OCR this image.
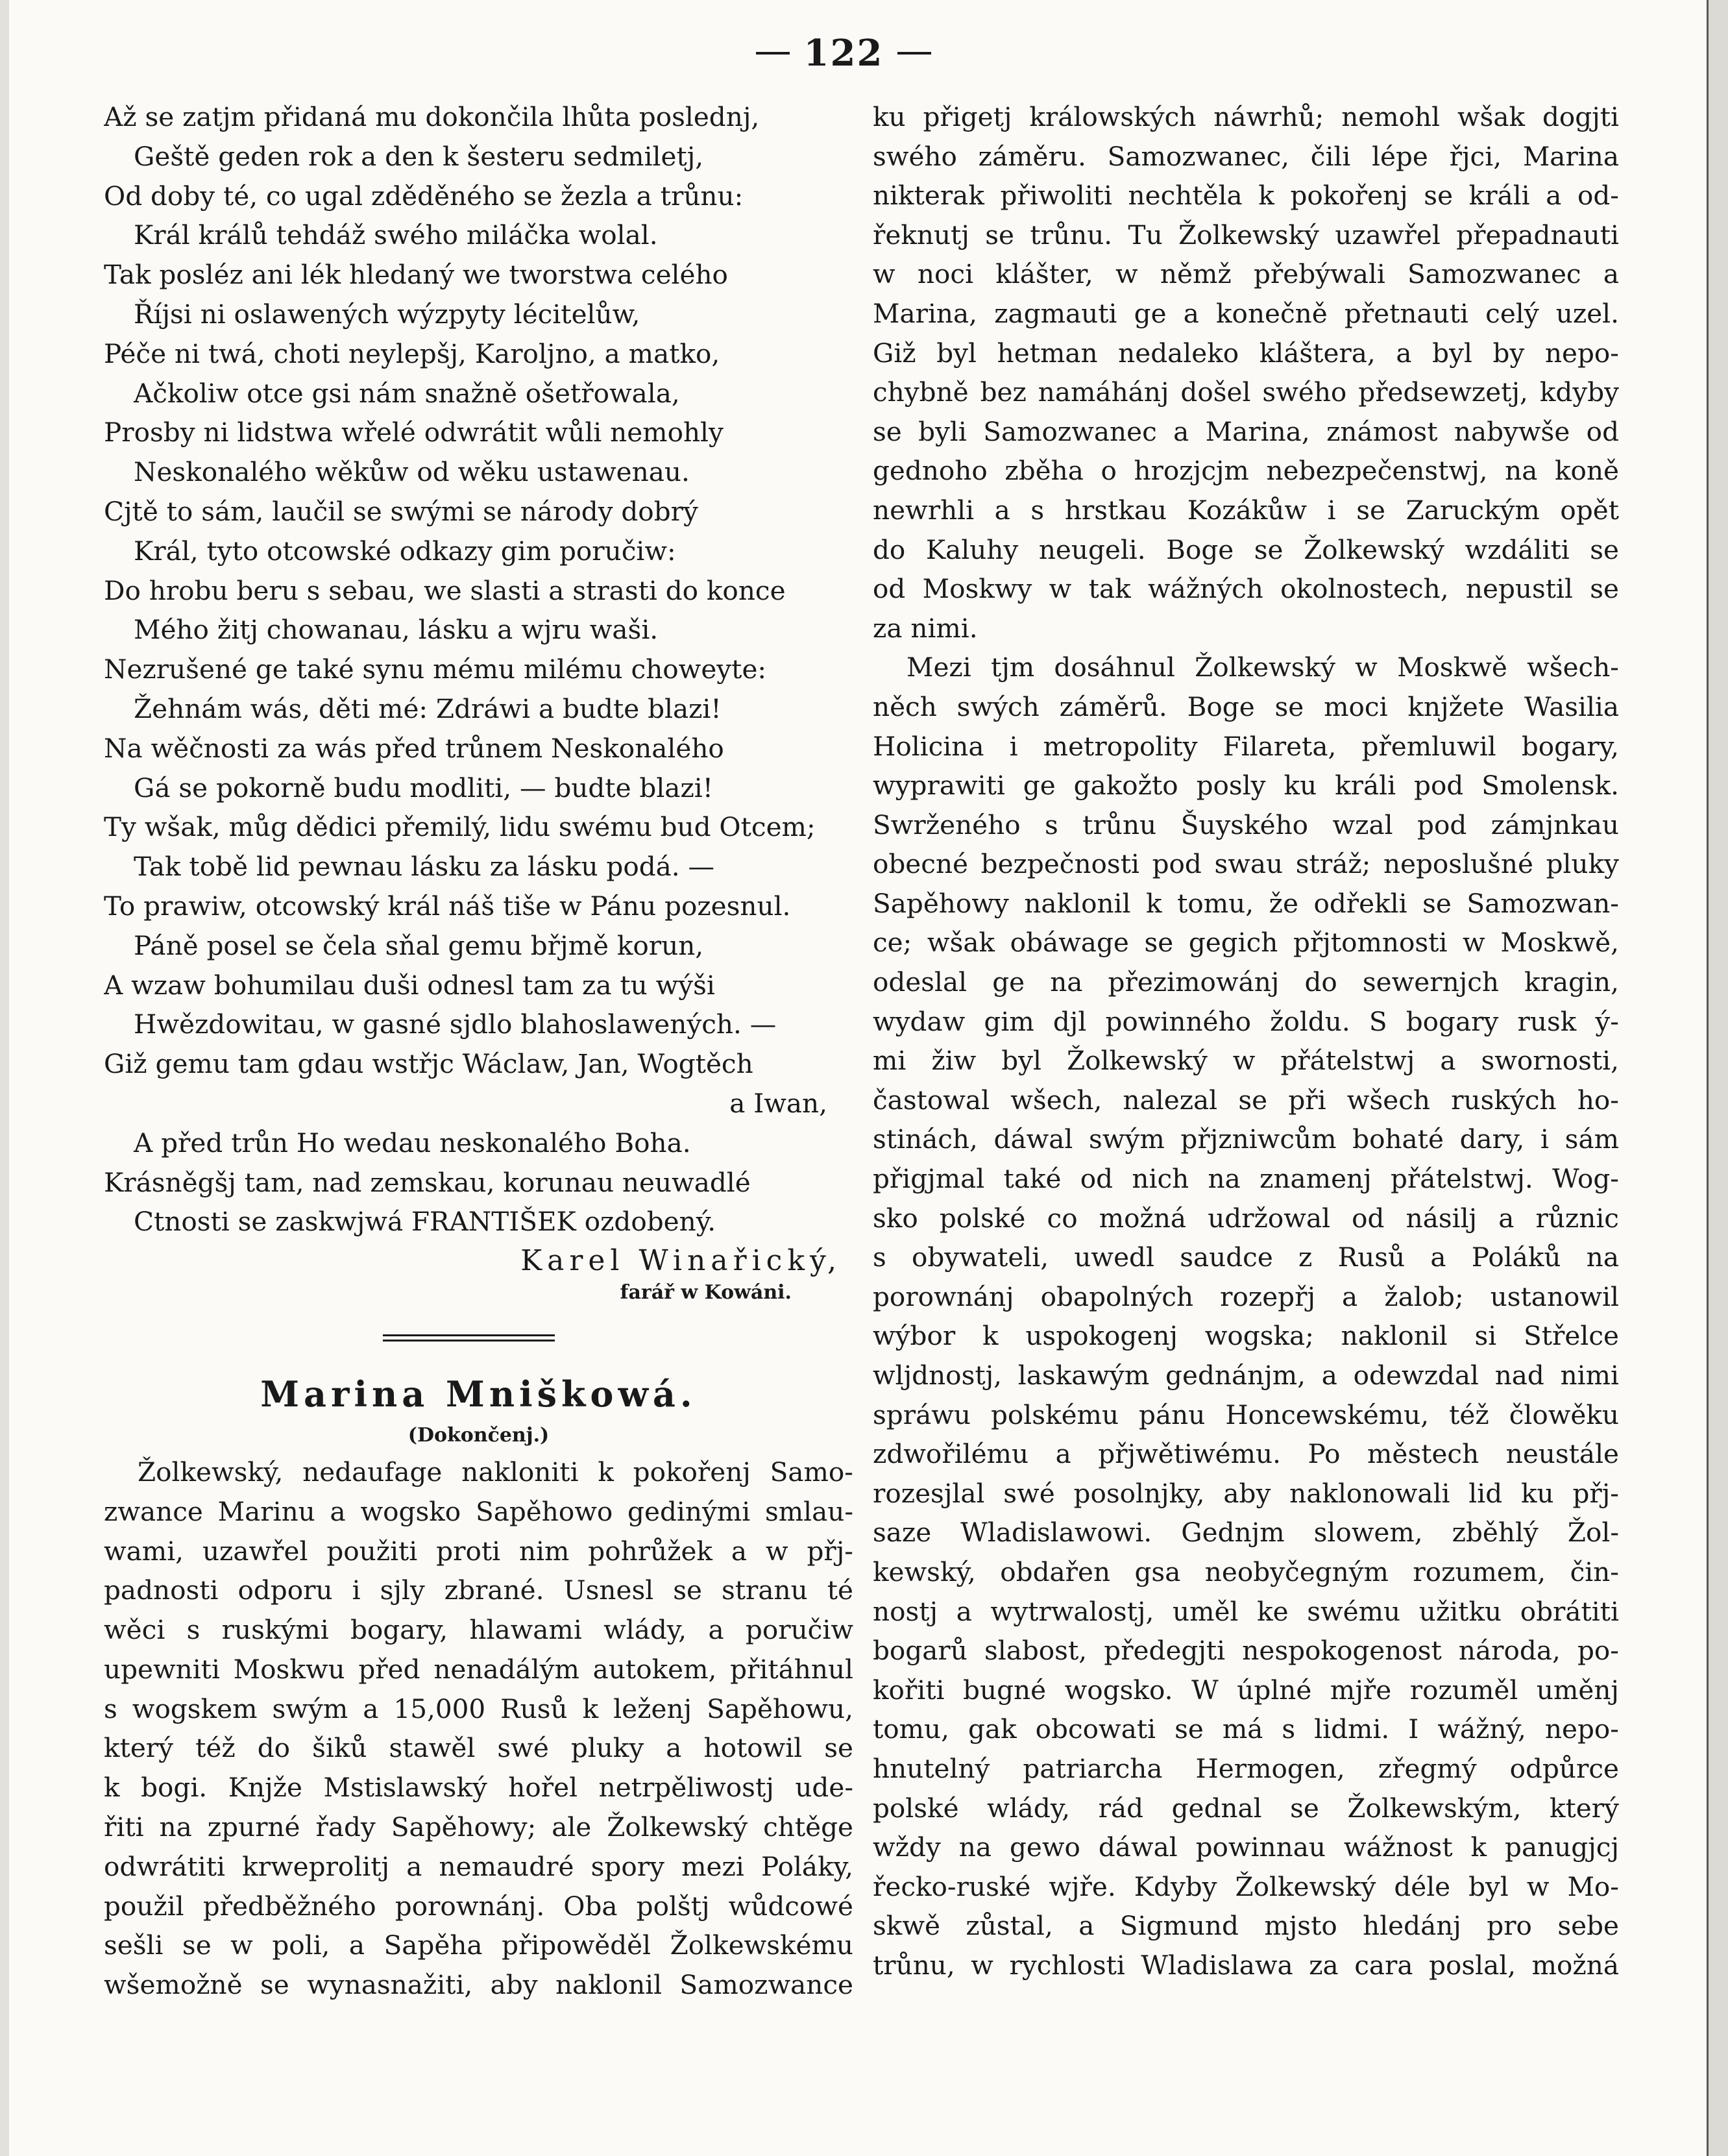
122
Až se zatjm přidaná mu dokončila lhůta poslednj,
Geště geden rok a den k šestеru sedmiletj,
Od doby té, co ugal zděděného se žezla a trůnu:
Král králů tehdáž swého miláčka wolal.
Tak posléz ani lék hledaný we tworstwa celého
Říjsi ni oslawených wýzpyty lécitelůw,
Péče ni twá, choti neylepšj, Karoljno, a matko,
Ačkoliw otce gsi nám snažně ošetřowala,
Prosby ni lidstwa wřelé odwrátit wůli nemohly
Neskonalého wěkůw od wěku ustawenau.
Cjtě to sám, laučil se swými se národy dobrý
Král, tyto otcowské odkazy gim poručiw:
Do hrobu beru s sebau, we slasti a strasti do konce
Mého žitj chowanau, lásku a wjru waši.
Nezrušené ge také synu mému milému choweyte:
Žehnám wás, děti mé: Zdráwi a budte blazi!
Na wěčnosti za wás před trůnem Neskonalého
Gá se pokorně budu modliti, — budte blazi!
Ty wšak, můg dědici přemilý, lidu swému bud Otcem;
Tak tobě lid pewnau lásku za lásku podá. —
To prawiw, otcowský král náš tiše w Pánu pozesnul.
Páně posel se čela sňal gemu břjmě korun,
A wzaw bohumilau duši odnesl tam za tu wýši
Hwězdowitau, w gasné sjdlo blahoslawených. —
Giž gemu tam gdau wstřjc Wáclaw, Jan, Wogtěch
a Iwan,
A před trůn Ho wedau neskonalého Boha.
Krásněgšj tam, nad zemskau, korunau neuwadlé
Ctnosti se zaskwjwá FRANTIŠEK ozdobený.
Karel Winařický,
farář w Kowáni.
Marina Mniškowá.
(Dokončenj.)
Žolkewský, nedaufage nakloniti k pokořenj Samo-
zwance Marinu a wogsko Sapěhowo gedinými smlau-
wami, uzawřel použiti proti nim pohrůžek a w přj-
padnosti odporu i sjly zbrané. Usnesl se stranu té
wěci s ruskými bogary, hlawami wlády, a poručiw
upewniti Moskwu před nenadálým autokem, přitáhnul
s wogskem swým a 15,000 Rusů k leženj Sapěhowu,
který též do šiků stawěl swé pluky a hotowil se
k bogi. Knjže Mstislawský hořel netrpěliwostj ude-
řiti na zpurné řady Sapěhowy; ale Žolkewský chtěge
odwrátiti krweprolitj a nemaudré spory mezi Poláky,
použil předběžného porownánj. Oba polštj wůdcowé
sešli se w poli, a Sapěha připowěděl Žolkewskému
wšemožně se wynasnažiti, aby naklonil Samozwance
ku přigetj králowských náwrhů; nemohl wšak dogjti
swého záměru. Samozwanec, čili lépe řjci, Marina
nikterak přiwoliti nechtěla k pokořenj se králi a od-
řeknutj se trůnu. Tu Žolkewský uzawřel přepadnauti
w noci klášter, w němž přebýwali Samozwanec a
Marina, zagmauti ge a konečně přetnauti celý uzel.
Giž byl hetman nedaleko kláštera, a byl by nepo-
chybně bez namáhánj došel swého předsewzetj, kdyby
se byli Samozwanec a Marina, známost nabywše od
gednoho zběha o hrozjcjm nebezpečenstwj, na koně
newrhli a s hrstkau Kozákůw i se Zaruckým opět
do Kaluhy neugeli. Boge se Žolkewský wzdáliti se
od Moskwy w tak wážných okolnostech, nepustil se
za nimi.
Mezi tjm dosáhnul Žolkewský w Moskwě wšech-
něch swých záměrů. Boge se moci knjžete Wasilia
Holicina i metropolity Filareta, přemluwil bogary,
wyprawiti ge gakožto posly ku králi pod Smolensk.
Swrženého s trůnu Šuyského wzal pod zámjnkau
obecné bezpečnosti pod swau stráž; neposlušné pluky
Sapěhowy naklonil k tomu, že odřekli se Samozwan-
ce; wšak obáwage se gegich přjtomnosti w Moskwě,
odeslal ge na přezimowánj do sewernjch kragin,
wydaw gim djl powinného žoldu. S bogary rusk ý-
mi žiw byl Žolkewský w přátelstwj a swornosti,
častowal wšech, nalezal se při wšech ruských ho-
stinách, dáwal swým přjzniwcům bohaté dary, i sám
přigjmal také od nich na znamenj přátelstwj. Wog-
sko polské co možná udržowal od násilj a různic
s obywateli, uwedl saudce z Rusů a Poláků na
porownánj obapolných rozepřj a žalob; ustanowil
wýbor k uspokogenj wogska; naklonil si Střelce
wljdnostj, laskawým gednánjm, a odewzdal nad nimi
spráwu polskému pánu Honcewskému, též člowěku
zdwořilému a přjwětiwému. Po městech neustále
rozesjlal swé posolnjky, aby naklonowali lid ku přj-
saze Wladislawowi. Gednjm slowem, zběhlý Žol-
kewský, obdařen gsa neobyčegným rozumem, čin-
nostj a wytrwalostj, uměl ke swému užitku obrátiti
bogarů slabost, předegjti nespokogenost národa, po-
kořiti bugné wogsko. W úplné mjře rozuměl uměnj
tomu, gak obcowati se má s lidmi. I wážný, nepo-
hnutelný patriarcha Hermogen, zřegmý odpůrce
polské wlády, rád gednal se Žolkewským, který
wždy na gewo dáwal powinnau wážnost k panugjcj
řecko-ruské wjře. Kdyby Žolkewský déle byl w Mo-
skwě zůstal, a Sigmund mjsto hledánj pro sebe
trůnu, w rychlosti Wladislawa za cara poslal, možná
